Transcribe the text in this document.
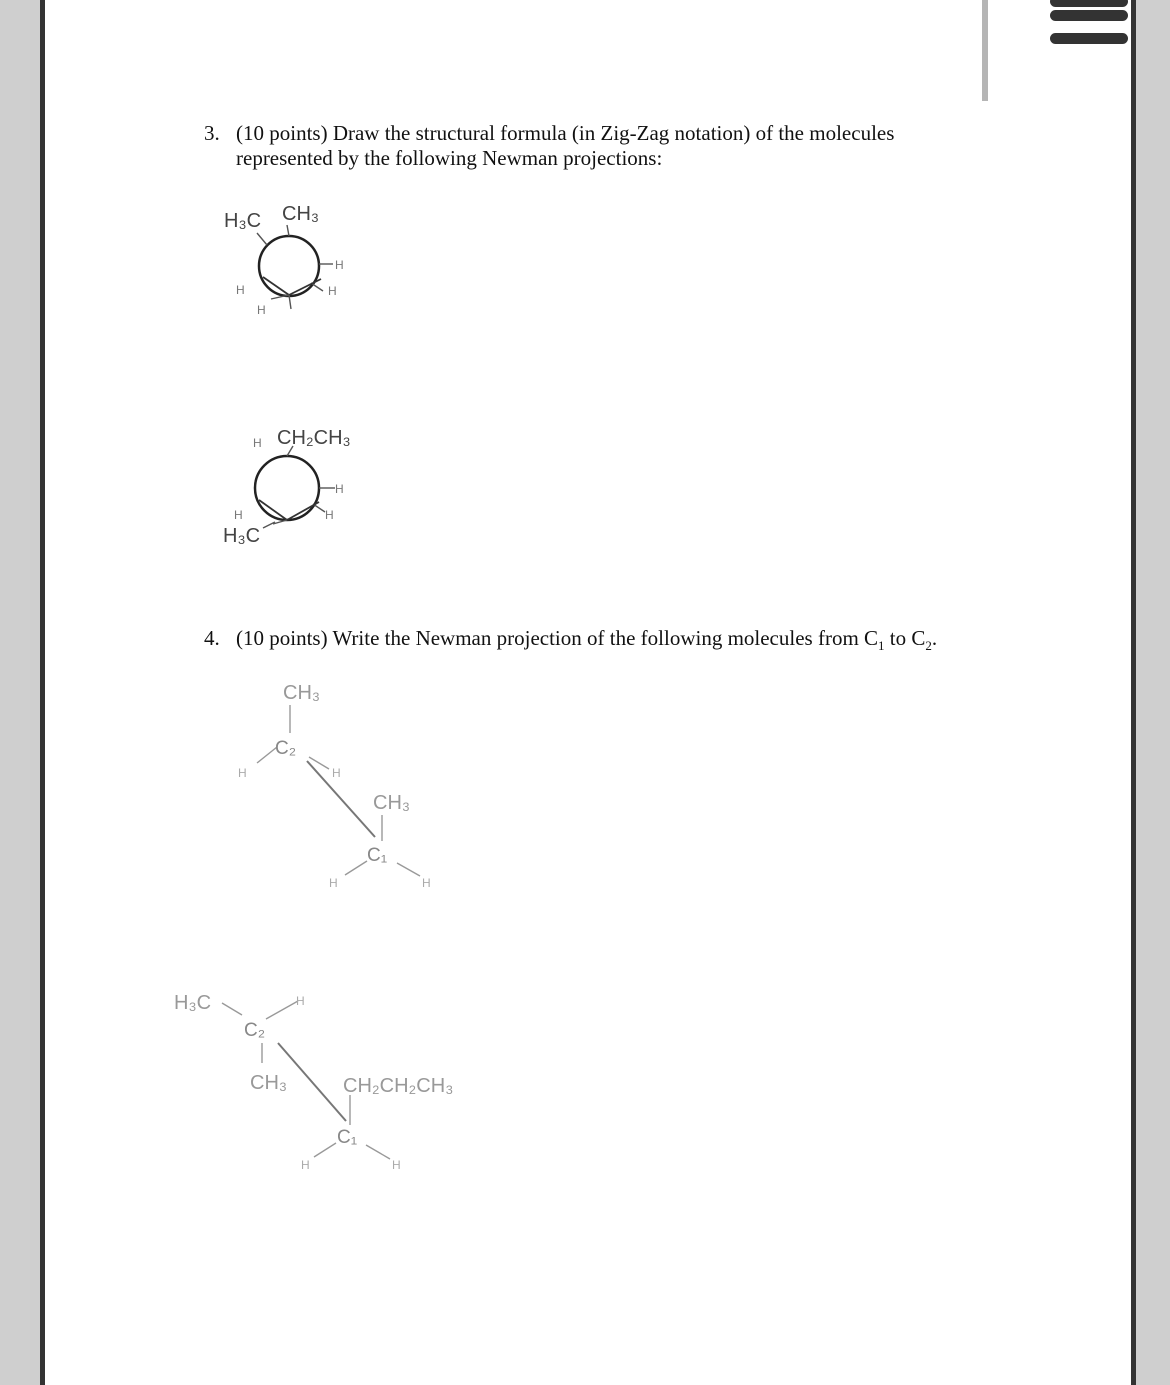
3. (10 points) Draw the structural formula (in Zig-Zag notation) of the molecules
represented by the following Newman projections:
H₃C CH₃
H
H
H
H
H CH₂CH₃
H
H
H
H₃C
4. (10 points) Write the Newman projection of the following molecules from $C_1$ to $C_2$.
CH₃
C₂
H	H
CH₃
C₁
H	H
H₃C
C₂
H
CH₃	CH₂CH₂CH₃
C₁
H	H
